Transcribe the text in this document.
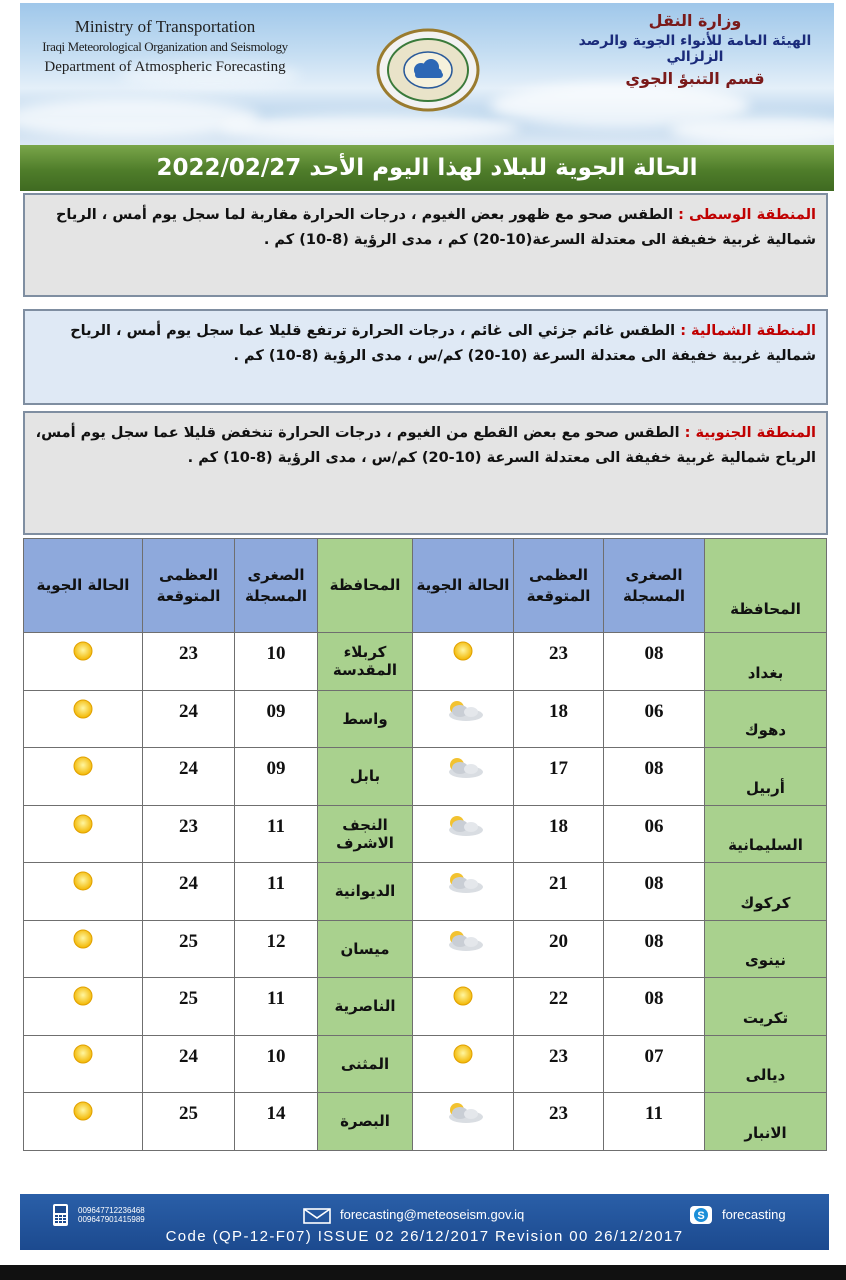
Ministry of Transportation
Iraqi Meteorological Organization and Seismology
Department of Atmospheric Forecasting
وزارة النقل
الهيئة العامة للأنواء الجوية والرصد الزلزالي
قسم التنبؤ الجوي
الحالة الجوية للبلاد لهذا اليوم الأحد 2022/02/27
المنطقة الوسطى : الطقس صحو مع ظهور بعض الغيوم ، درجات الحرارة مقاربة لما سجل يوم أمس ، الرياح شمالية غربية خفيفة الى معتدلة السرعة(10-20) كم ، مدى الرؤية (8-10) كم .
المنطقة الشمالية : الطقس غائم جزئي الى غائم ، درجات الحرارة ترتفع قليلا عما سجل يوم أمس ، الرياح شمالية غربية خفيفة الى معتدلة السرعة (10-20) كم/س ، مدى الرؤية (8-10) كم .
المنطقة الجنوبية : الطقس صحو مع بعض القطع من الغيوم ، درجات الحرارة تنخفض قليلا عما سجل يوم أمس، الرياح شمالية غربية خفيفة الى معتدلة السرعة (10-20) كم/س ، مدى الرؤية (8-10) كم .
المحافظة	الصغرى المسجلة	العظمى المتوقعة	الحالة الجوية	المحافظة	الصغرى المسجلة	العظمى المتوقعة	الحالة الجوية
بغداد	08	23		كربلاء المقدسة	10	23	
دهوك	06	18		واسط	09	24	
أربيل	08	17		بابل	09	24	
السليمانية	06	18		النجف الاشرف	11	23	
كركوك	08	21		الديوانية	11	24	
نينوى	08	20		ميسان	12	25	
تكريت	08	22		الناصرية	11	25	
ديالى	07	23		المثنى	10	24	
الانبار	11	23		البصرة	14	25	
009647712236468
009647901415989	forecasting@meteoseism.gov.iq	S forecasting
Code (QP-12-F07) ISSUE 02 26/12/2017 Revision 00 26/12/2017
